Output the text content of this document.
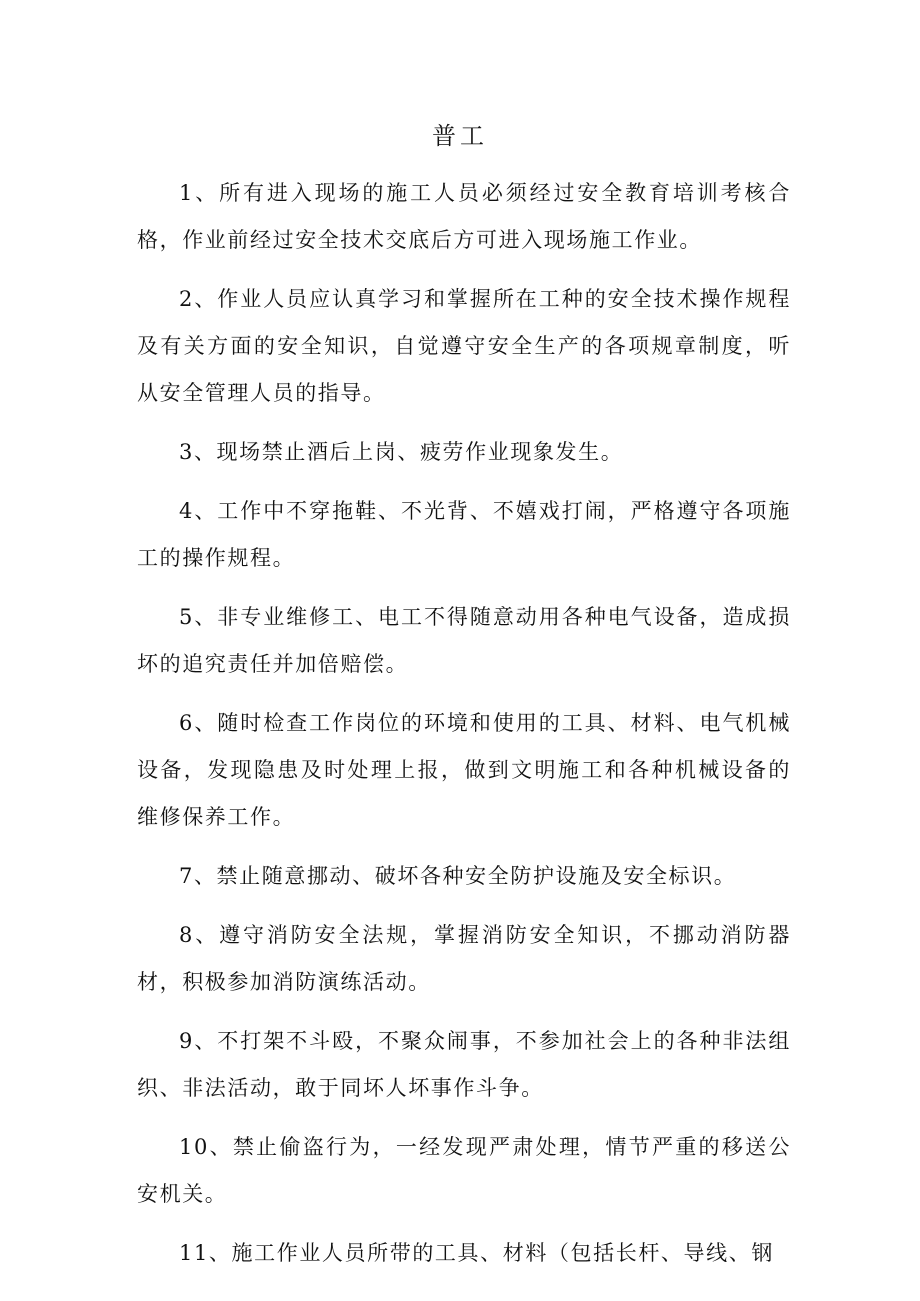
普工

1、所有进入现场的施工人员必须经过安全教育培训考核合格，作业前经过安全技术交底后方可进入现场施工作业。

2、作业人员应认真学习和掌握所在工种的安全技术操作规程及有关方面的安全知识，自觉遵守安全生产的各项规章制度，听从安全管理人员的指导。

3、现场禁止酒后上岗、疲劳作业现象发生。

4、工作中不穿拖鞋、不光背、不嬉戏打闹，严格遵守各项施工的操作规程。

5、非专业维修工、电工不得随意动用各种电气设备，造成损坏的追究责任并加倍赔偿。

6、随时检查工作岗位的环境和使用的工具、材料、电气机械设备，发现隐患及时处理上报，做到文明施工和各种机械设备的维修保养工作。

7、禁止随意挪动、破坏各种安全防护设施及安全标识。

8、遵守消防安全法规，掌握消防安全知识，不挪动消防器材，积极参加消防演练活动。

9、不打架不斗殴，不聚众闹事，不参加社会上的各种非法组织、非法活动，敢于同坏人坏事作斗争。

10、禁止偷盗行为，一经发现严肃处理，情节严重的移送公安机关。

11、施工作业人员所带的工具、材料（包括长杆、导线、钢
